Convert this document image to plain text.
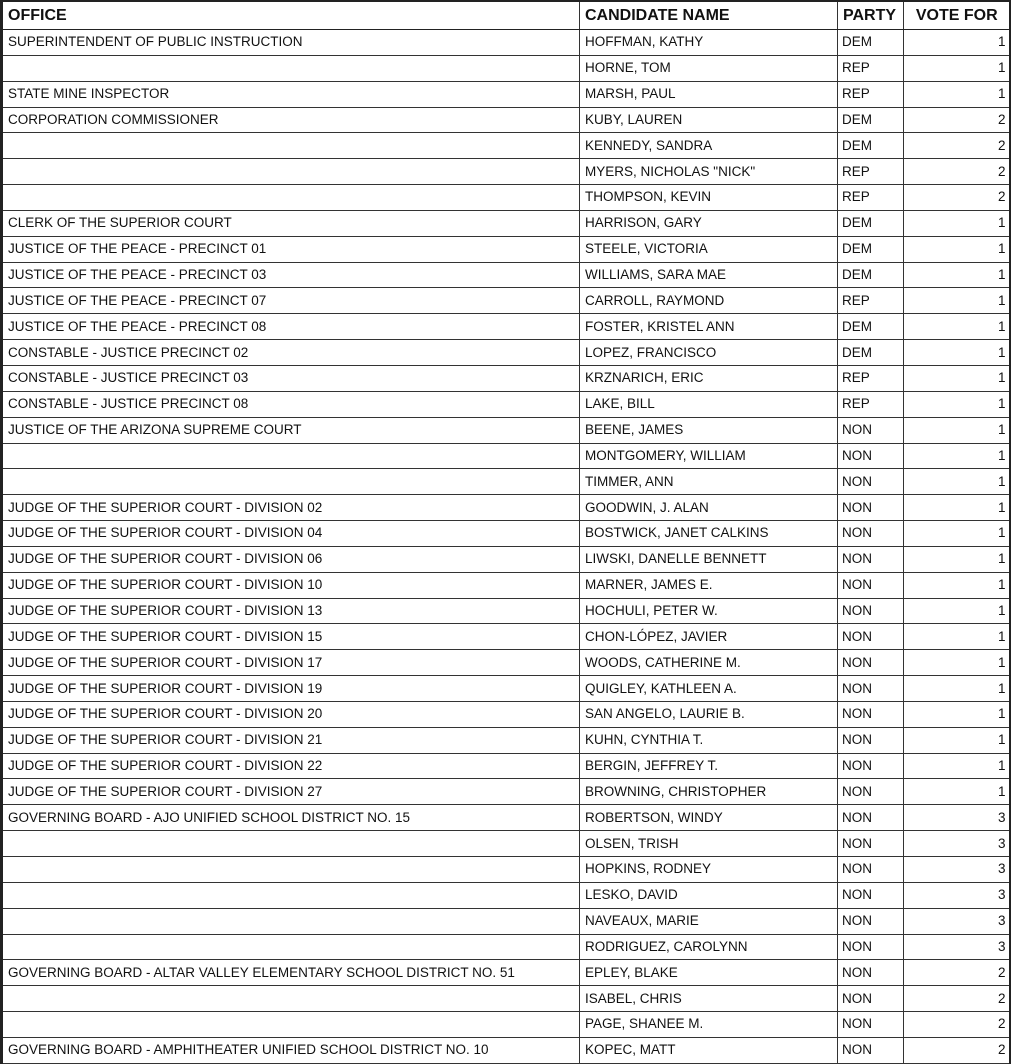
OFFICE	CANDIDATE NAME	PARTY	VOTE FOR
SUPERINTENDENT OF PUBLIC INSTRUCTION	HOFFMAN, KATHY	DEM	1
	HORNE, TOM	REP	1
STATE MINE INSPECTOR	MARSH, PAUL	REP	1
CORPORATION COMMISSIONER	KUBY, LAUREN	DEM	2
	KENNEDY, SANDRA	DEM	2
	MYERS, NICHOLAS "NICK"	REP	2
	THOMPSON, KEVIN	REP	2
CLERK OF THE SUPERIOR COURT	HARRISON, GARY	DEM	1
JUSTICE OF THE PEACE - PRECINCT 01	STEELE, VICTORIA	DEM	1
JUSTICE OF THE PEACE - PRECINCT 03	WILLIAMS, SARA MAE	DEM	1
JUSTICE OF THE PEACE - PRECINCT 07	CARROLL, RAYMOND	REP	1
JUSTICE OF THE PEACE - PRECINCT 08	FOSTER, KRISTEL ANN	DEM	1
CONSTABLE - JUSTICE PRECINCT 02	LOPEZ, FRANCISCO	DEM	1
CONSTABLE - JUSTICE PRECINCT 03	KRZNARICH, ERIC	REP	1
CONSTABLE - JUSTICE PRECINCT 08	LAKE, BILL	REP	1
JUSTICE OF THE ARIZONA SUPREME COURT	BEENE, JAMES	NON	1
	MONTGOMERY, WILLIAM	NON	1
	TIMMER, ANN	NON	1
JUDGE OF THE SUPERIOR COURT - DIVISION 02	GOODWIN, J. ALAN	NON	1
JUDGE OF THE SUPERIOR COURT - DIVISION 04	BOSTWICK, JANET CALKINS	NON	1
JUDGE OF THE SUPERIOR COURT - DIVISION 06	LIWSKI, DANELLE BENNETT	NON	1
JUDGE OF THE SUPERIOR COURT - DIVISION 10	MARNER, JAMES E.	NON	1
JUDGE OF THE SUPERIOR COURT - DIVISION 13	HOCHULI, PETER W.	NON	1
JUDGE OF THE SUPERIOR COURT - DIVISION 15	CHON-LÓPEZ, JAVIER	NON	1
JUDGE OF THE SUPERIOR COURT - DIVISION 17	WOODS, CATHERINE M.	NON	1
JUDGE OF THE SUPERIOR COURT - DIVISION 19	QUIGLEY, KATHLEEN A.	NON	1
JUDGE OF THE SUPERIOR COURT - DIVISION 20	SAN ANGELO, LAURIE B.	NON	1
JUDGE OF THE SUPERIOR COURT - DIVISION 21	KUHN, CYNTHIA T.	NON	1
JUDGE OF THE SUPERIOR COURT - DIVISION 22	BERGIN, JEFFREY T.	NON	1
JUDGE OF THE SUPERIOR COURT - DIVISION 27	BROWNING, CHRISTOPHER	NON	1
GOVERNING BOARD - AJO UNIFIED SCHOOL DISTRICT NO. 15	ROBERTSON, WINDY	NON	3
	OLSEN, TRISH	NON	3
	HOPKINS, RODNEY	NON	3
	LESKO, DAVID	NON	3
	NAVEAUX, MARIE	NON	3
	RODRIGUEZ, CAROLYNN	NON	3
GOVERNING BOARD - ALTAR VALLEY ELEMENTARY SCHOOL DISTRICT NO. 51	EPLEY, BLAKE	NON	2
	ISABEL, CHRIS	NON	2
	PAGE, SHANEE M.	NON	2
GOVERNING BOARD - AMPHITHEATER UNIFIED SCHOOL DISTRICT NO. 10	KOPEC, MATT	NON	2
